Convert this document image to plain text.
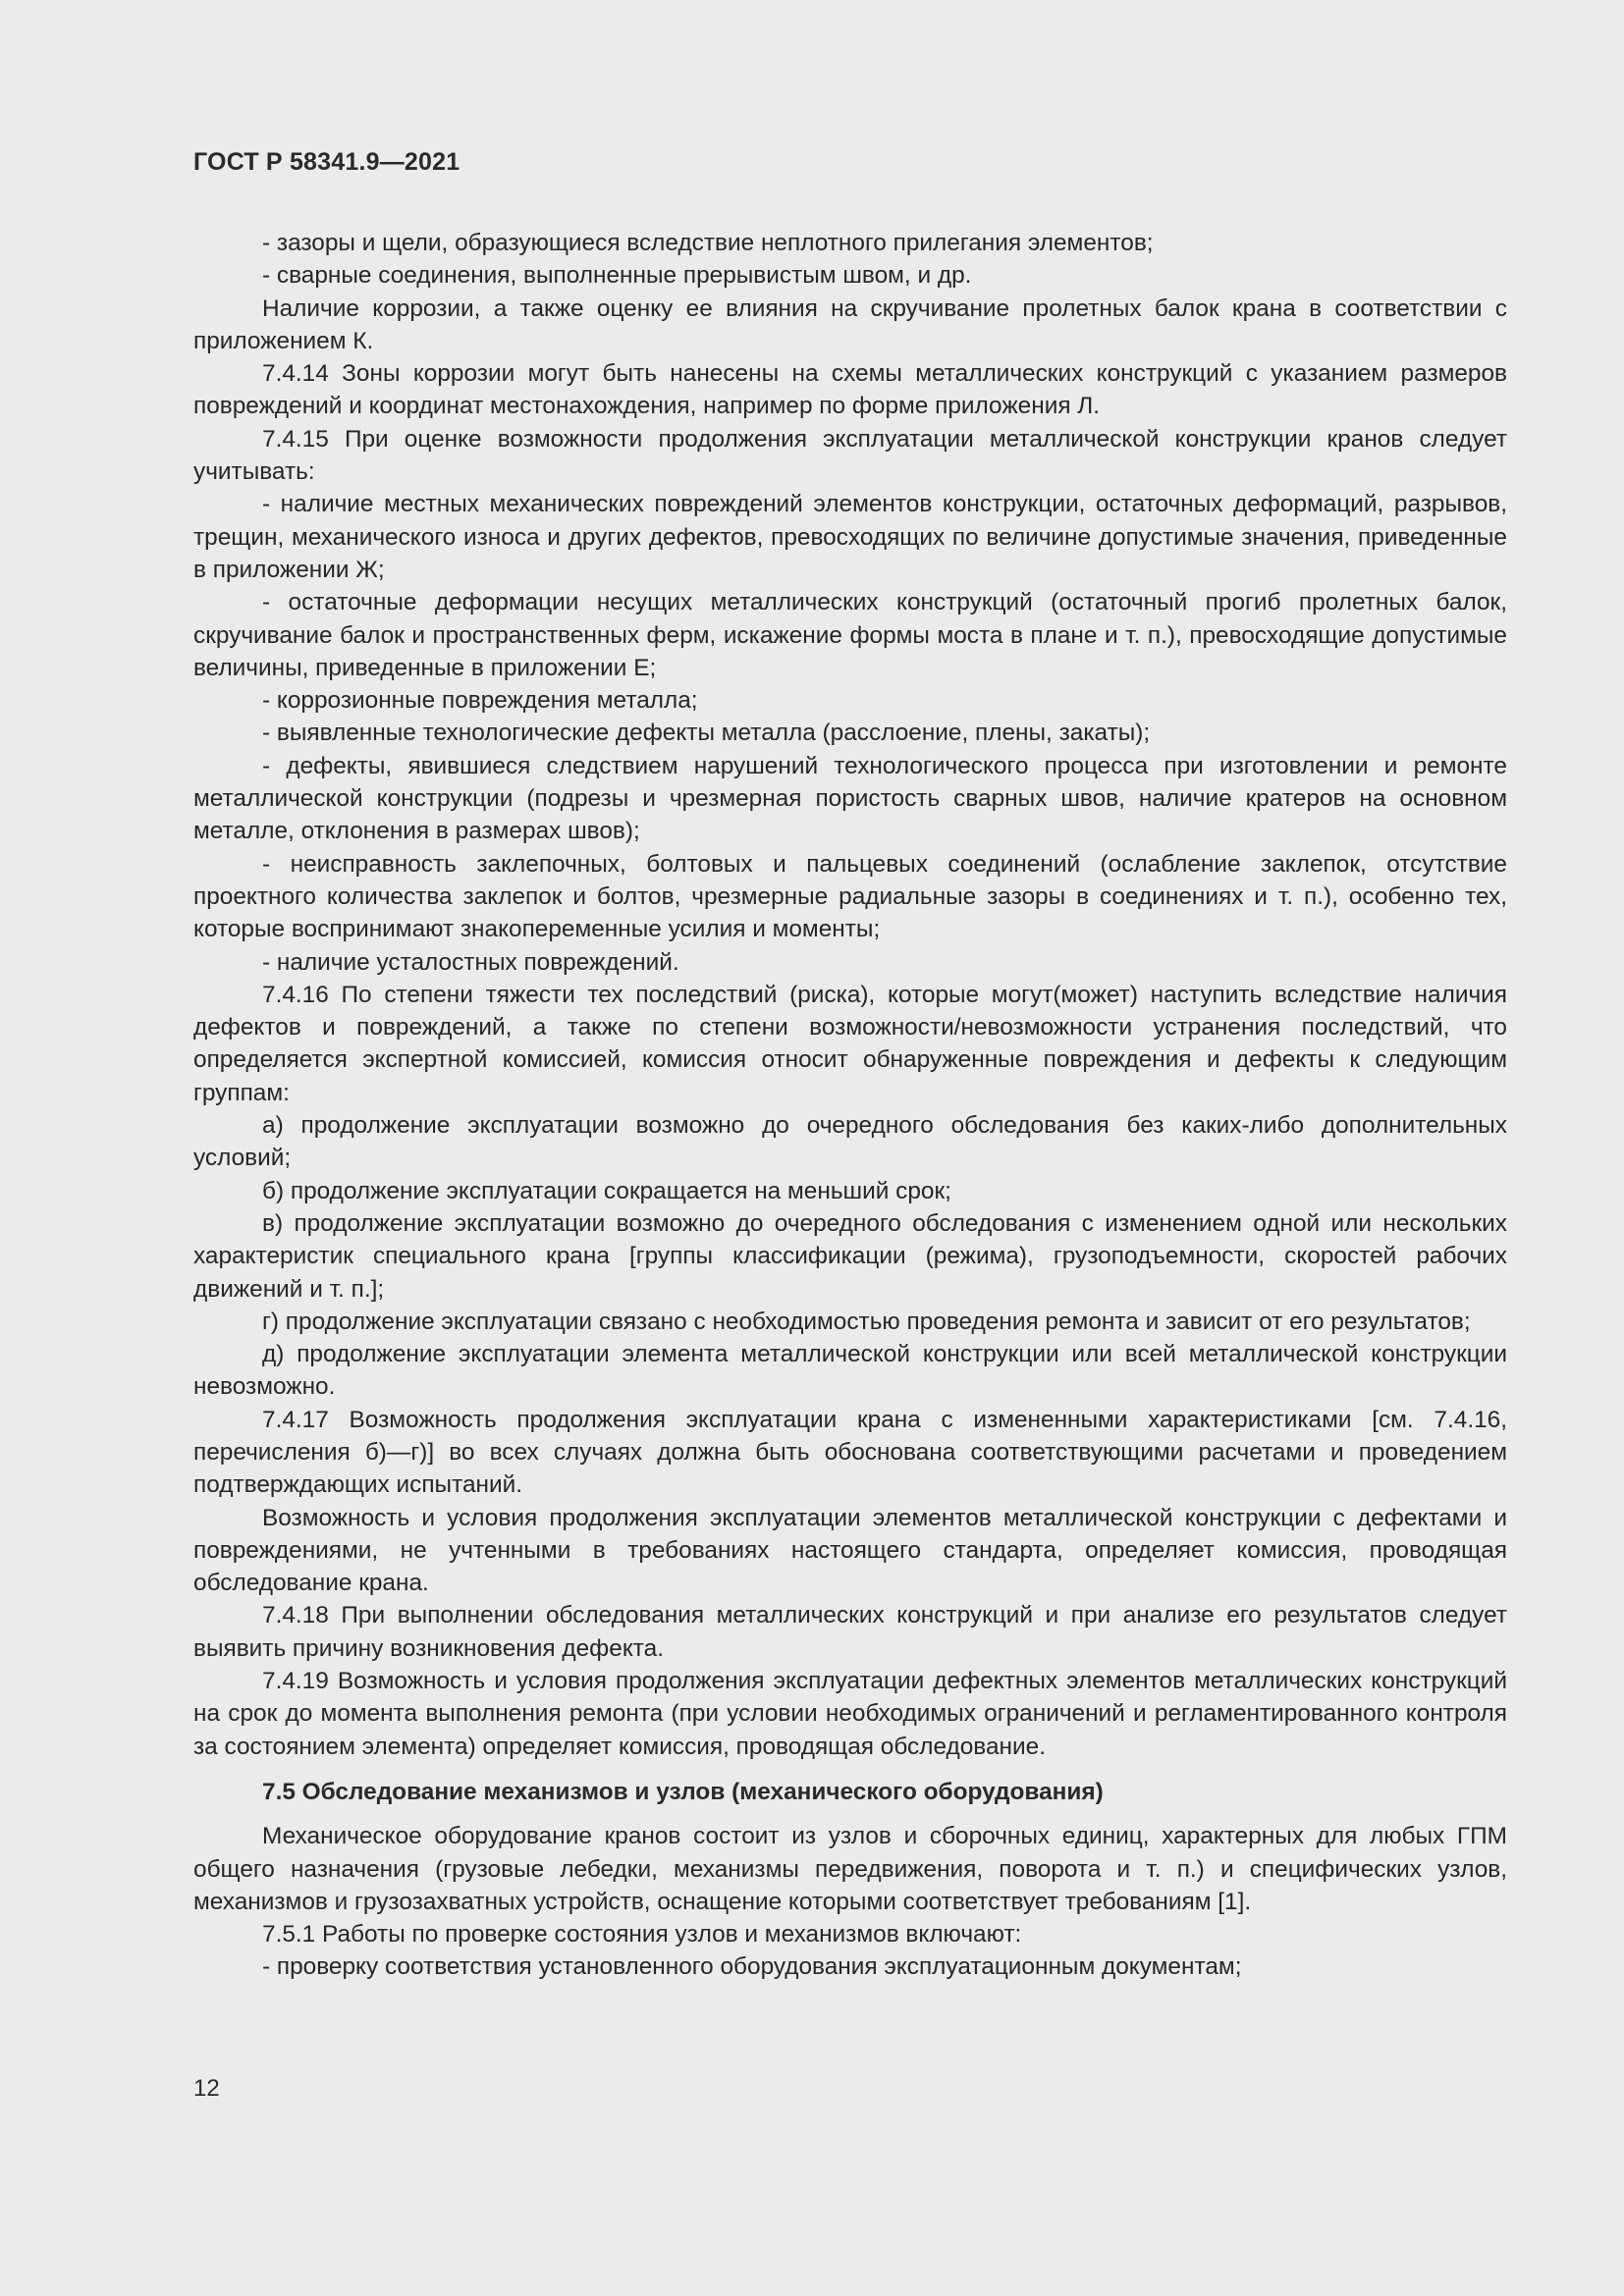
ГОСТ Р 58341.9—2021

- зазоры и щели, образующиеся вследствие неплотного прилегания элементов;

- сварные соединения, выполненные прерывистым швом, и др.

Наличие коррозии, а также оценку ее влияния на скручивание пролетных балок крана в соответствии с приложением К.

7.4.14 Зоны коррозии могут быть нанесены на схемы металлических конструкций с указанием размеров повреждений и координат местонахождения, например по форме приложения Л.

7.4.15 При оценке возможности продолжения эксплуатации металлической конструкции кранов следует учитывать:

- наличие местных механических повреждений элементов конструкции, остаточных деформаций, разрывов, трещин, механического износа и других дефектов, превосходящих по величине допустимые значения, приведенные в приложении Ж;

- остаточные деформации несущих металлических конструкций (остаточный прогиб пролетных балок, скручивание балок и пространственных ферм, искажение формы моста в плане и т. п.), превосходящие допустимые величины, приведенные в приложении Е;

- коррозионные повреждения металла;

- выявленные технологические дефекты металла (расслоение, плены, закаты);

- дефекты, явившиеся следствием нарушений технологического процесса при изготовлении и ремонте металлической конструкции (подрезы и чрезмерная пористость сварных швов, наличие кратеров на основном металле, отклонения в размерах швов);

- неисправность заклепочных, болтовых и пальцевых соединений (ослабление заклепок, отсутствие проектного количества заклепок и болтов, чрезмерные радиальные зазоры в соединениях и т. п.), особенно тех, которые воспринимают знакопеременные усилия и моменты;

- наличие усталостных повреждений.

7.4.16 По степени тяжести тех последствий (риска), которые могут(может) наступить вследствие наличия дефектов и повреждений, а также по степени возможности/невозможности устранения последствий, что определяется экспертной комиссией, комиссия относит обнаруженные повреждения и дефекты к следующим группам:

а) продолжение эксплуатации возможно до очередного обследования без каких-либо дополнительных условий;

б) продолжение эксплуатации сокращается на меньший срок;

в) продолжение эксплуатации возможно до очередного обследования с изменением одной или нескольких характеристик специального крана [группы классификации (режима), грузоподъемности, скоростей рабочих движений и т. п.];

г) продолжение эксплуатации связано с необходимостью проведения ремонта и зависит от его результатов;

д) продолжение эксплуатации элемента металлической конструкции или всей металлической конструкции невозможно.

7.4.17 Возможность продолжения эксплуатации крана с измененными характеристиками [см. 7.4.16, перечисления б)—г)] во всех случаях должна быть обоснована соответствующими расчетами и проведением подтверждающих испытаний.

Возможность и условия продолжения эксплуатации элементов металлической конструкции с дефектами и повреждениями, не учтенными в требованиях настоящего стандарта, определяет комиссия, проводящая обследование крана.

7.4.18 При выполнении обследования металлических конструкций и при анализе его результатов следует выявить причину возникновения дефекта.

7.4.19 Возможность и условия продолжения эксплуатации дефектных элементов металлических конструкций на срок до момента выполнения ремонта (при условии необходимых ограничений и регламентированного контроля за состоянием элемента) определяет комиссия, проводящая обследование.

7.5 Обследование механизмов и узлов (механического оборудования)

Механическое оборудование кранов состоит из узлов и сборочных единиц, характерных для любых ГПМ общего назначения (грузовые лебедки, механизмы передвижения, поворота и т. п.) и специфических узлов, механизмов и грузозахватных устройств, оснащение которыми соответствует требованиям [1].

7.5.1 Работы по проверке состояния узлов и механизмов включают:

- проверку соответствия установленного оборудования эксплуатационным документам;

12
